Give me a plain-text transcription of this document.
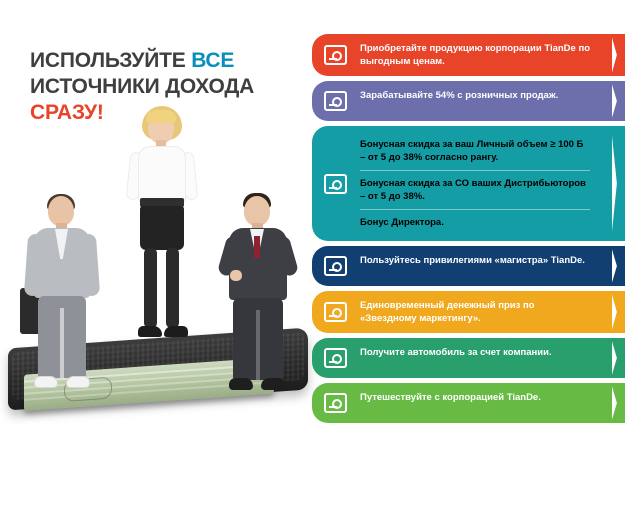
ИСПОЛЬЗУЙТЕ ВСЕ
ИСТОЧНИКИ ДОХОДА
СРАЗУ!
Приобретайте продукцию корпорации TianDe по выгодным ценам.
Зарабатывайте 54% с розничных продаж.
Бонусная скидка за ваш Личный объем ≥ 100 Б – от 5 до 38% согласно рангу.
Бонусная скидка за СО ваших Дистрибьюторов – от 5 до 38%.
Бонус Директора.
Пользуйтесь привилегиями «магистра» TianDe.
Единовременный денежный приз по «Звездному маркетингу».
Получите автомобиль за счет компании.
Путешествуйте с корпорацией TianDe.
